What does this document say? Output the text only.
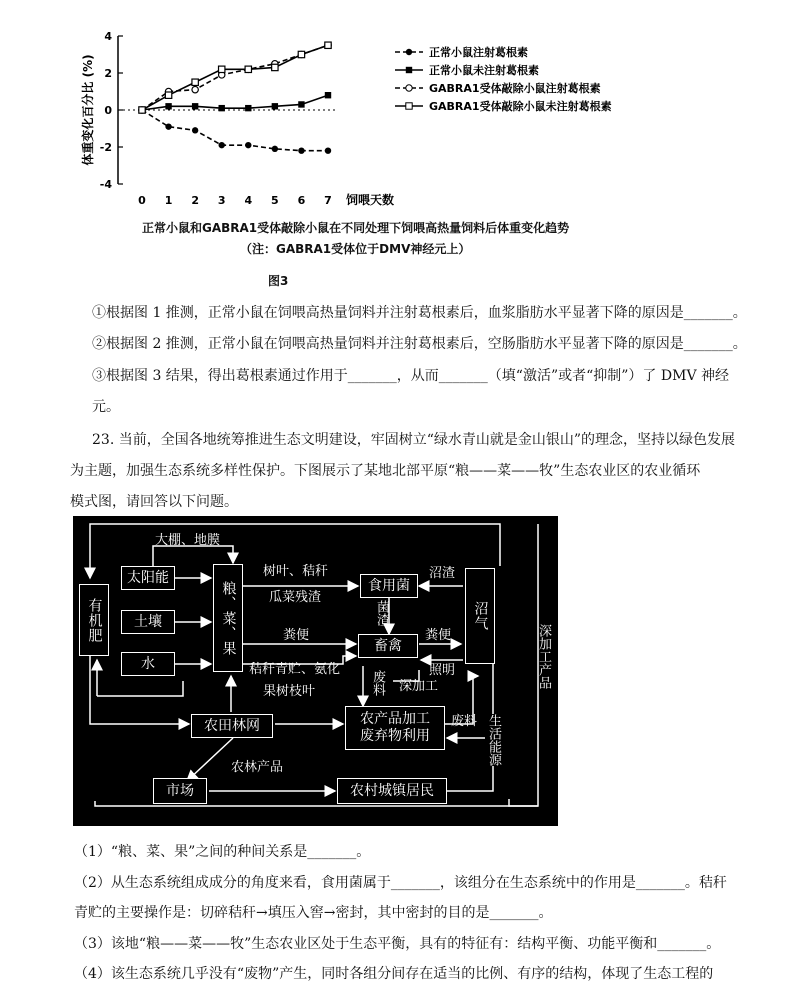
4
2
0
-2
-4
0 1 2 3 4 5 6 7
正常小鼠注射葛根素
正常小鼠未注射葛根素
GABRA1受体敲除小鼠注射葛根素
GABRA1受体敲除小鼠未注射葛根素
体重变化百分比 (%)
饲喂天数
正常小鼠和GABRA1受体敲除小鼠在不同处理下饲喂高热量饲料后体重变化趋势
（注：GABRA1受体位于DMV神经元上）
图3
①根据图 1 推测，正常小鼠在饲喂高热量饲料并注射葛根素后，血浆脂肪水平显著下降的原因是_______。
②根据图 2 推测，正常小鼠在饲喂高热量饲料并注射葛根素后，空肠脂肪水平显著下降的原因是_______。
③根据图 3 结果，得出葛根素通过作用于_______，从而_______（填“激活”或者“抑制”）了 DMV 神经
元。
23. 当前，全国各地统筹推进生态文明建设，牢固树立“绿水青山就是金山银山”的理念，坚持以绿色发展
为主题，加强生态系统多样性保护。下图展示了某地北部平原“粮——菜——牧”生态农业区的农业循环
模式图，请回答以下问题。
有机肥
太阳能
土壤
水
粮、菜、果	食用菌
沼气
畜禽
农田林网	农产品加工
废弃物利用
市场	农村城镇居民
大棚、地膜
树叶、秸秆
瓜菜残渣
沼渣
菌渣
粪便	粪便
秸秆青贮、氨化
果树枝叶
照明
深加工
废料
废料
农林产品
深加工产品
生活能源
（1）“粮、菜、果”之间的种间关系是_______。
（2）从生态系统组成成分的角度来看，食用菌属于_______，该组分在生态系统中的作用是_______。秸秆
青贮的主要操作是：切碎秸秆→填压入窖→密封，其中密封的目的是_______。
（3）该地“粮——菜——牧”生态农业区处于生态平衡，具有的特征有：结构平衡、功能平衡和_______。
（4）该生态系统几乎没有“废物”产生，同时各组分间存在适当的比例、有序的结构，体现了生态工程的
